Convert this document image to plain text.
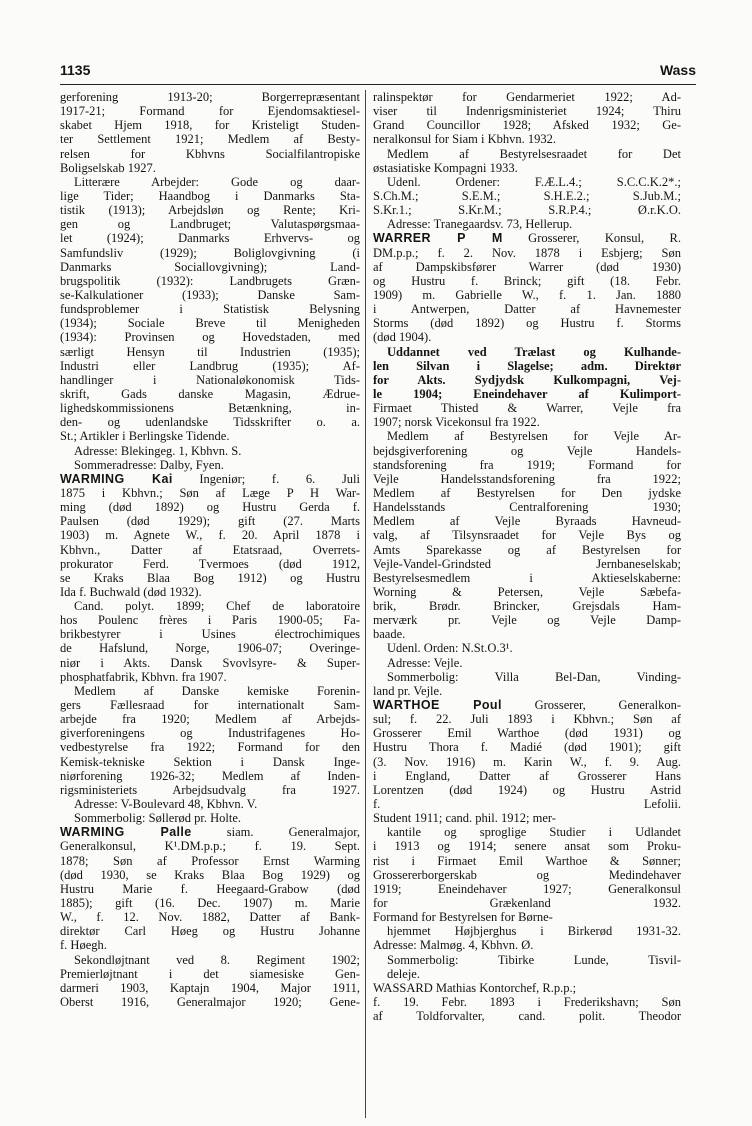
1135	Wass
gerforening 1913-20; Borgerrepræsentant
1917-21; Formand for Ejendomsaktiesel-
skabet Hjem 1918, for Kristeligt Studen-
ter Settlement 1921; Medlem af Besty-
relsen for Kbhvns Socialfilantropiske
Boligselskab 1927.
Litterære Arbejder: Gode og daar-
lige Tider; Haandbog i Danmarks Sta-
tistik (1913); Arbejdsløn og Rente; Kri-
gen og Landbruget; Valutaspørgsmaa-
let (1924); Danmarks Erhvervs- og
Samfundsliv (1929); Boliglovgivning (i
Danmarks Sociallovgivning); Land-
brugspolitik (1932): Landbrugets Græn-
se-Kalkulationer (1933); Danske Sam-
fundsproblemer i Statistisk Belysning
(1934); Sociale Breve til Menigheden
(1934): Provinsen og Hovedstaden, med
særligt Hensyn til Industrien (1935);
Industri eller Landbrug (1935); Af-
handlinger i Nationaløkonomisk Tids-
skrift, Gads danske Magasin, Ædrue-
lighedskommissionens Betænkning, in-
den- og udenlandske Tidsskrifter o. a.
St.; Artikler i Berlingske Tidende.
Adresse: Blekingeg. 1, Kbhvn. S.
Sommeradresse: Dalby, Fyen.
WARMING Kai Ingeniør; f. 6. Juli
1875 i Kbhvn.; Søn af Læge P H War-
ming (død 1892) og Hustru Gerda f.
Paulsen (død 1929); gift (27. Marts
1903) m. Agnete W., f. 20. April 1878 i
Kbhvn., Datter af Etatsraad, Overrets-
prokurator Ferd. Tvermoes (død 1912,
se Kraks Blaa Bog 1912) og Hustru
Ida f. Buchwald (død 1932).
Cand. polyt. 1899; Chef de laboratoire
hos Poulenc frères i Paris 1900-05; Fa-
brikbestyrer i Usines électrochimiques
de Hafslund, Norge, 1906-07; Overinge-
niør i Akts. Dansk Svovlsyre- & Super-
phosphatfabrik, Kbhvn. fra 1907.
Medlem af Danske kemiske Forenin-
gers Fællesraad for internationalt Sam-
arbejde fra 1920; Medlem af Arbejds-
giverforeningens og Industrifagenes Ho-
vedbestyrelse fra 1922; Formand for den
Kemisk-tekniske Sektion i Dansk Inge-
niørforening 1926-32; Medlem af Inden-
rigsministeriets Arbejdsudvalg fra 1927.
Adresse: V-Boulevard 48, Kbhvn. V.
Sommerbolig: Søllerød pr. Holte.
WARMING Palle siam. Generalmajor,
Generalkonsul, K¹.DM.p.p.; f. 19. Sept.
1878; Søn af Professor Ernst Warming
(død 1930, se Kraks Blaa Bog 1929) og
Hustru Marie f. Heegaard-Grabow (død
1885); gift (16. Dec. 1907) m. Marie
W., f. 12. Nov. 1882, Datter af Bank-
direktør Carl Høeg og Hustru Johanne
f. Høegh.
Sekondløjtnant ved 8. Regiment 1902;
Premierløjtnant i det siamesiske Gen-
darmeri 1903, Kaptajn 1904, Major 1911,
Oberst 1916, Generalmajor 1920; Gene-
ralinspektør for Gendarmeriet 1922; Ad-
viser til Indenrigsministeriet 1924; Thiru
Grand Councillor 1928; Afsked 1932; Ge-
neralkonsul for Siam i Kbhvn. 1932.
Medlem af Bestyrelsesraadet for Det
østasiatiske Kompagni 1933.
Udenl. Ordener: F.Æ.L.4.; S.C.C.K.2*.;
S.Ch.M.; S.E.M.; S.H.E.2.; S.Jub.M.;
S.Kr.1.; S.Kr.M.; S.R.P.4.; Ø.r.K.O.
Adresse: Tranegaardsv. 73, Hellerup.
WARRER P M Grosserer, Konsul, R.
DM.p.p.; f. 2. Nov. 1878 i Esbjerg; Søn
af Dampskibsfører Warrer (død 1930)
og Hustru f. Brinck; gift (18. Febr.
1909) m. Gabrielle W., f. 1. Jan. 1880
i Antwerpen, Datter af Havnemester
Storms (død 1892) og Hustru f. Storms
(død 1904).
Uddannet ved Trælast og Kulhande-
len Silvan i Slagelse; adm. Direktør
for Akts. Sydjydsk Kulkompagni, Vej-
le 1904; Eneindehaver af Kulimport-
Firmaet Thisted & Warrer, Vejle fra
1907; norsk Vicekonsul fra 1922.
Medlem af Bestyrelsen for Vejle Ar-
bejdsgiverforening og Vejle Handels-
standsforening fra 1919; Formand for
Vejle Handelsstandsforening fra 1922;
Medlem af Bestyrelsen for Den jydske
Handelsstands Centralforening 1930;
Medlem af Vejle Byraads Havneud-
valg, af Tilsynsraadet for Vejle Bys og
Amts Sparekasse og af Bestyrelsen for
Vejle-Vandel-Grindsted Jernbaneselskab;
Bestyrelsesmedlem i Aktieselskaberne:
Worning & Petersen, Vejle Sæbefa-
brik, Brødr. Brincker, Grejsdals Ham-
merværk pr. Vejle og Vejle Damp-
baade.
Udenl. Orden: N.St.O.3¹.
Adresse: Vejle.
Sommerbolig: Villa Bel-Dan, Vinding-
land pr. Vejle.
WARTHOE Poul Grosserer, Generalkon-
sul; f. 22. Juli 1893 i Kbhvn.; Søn af
Grosserer Emil Warthoe (død 1931) og
Hustru Thora f. Madié (død 1901); gift
(3. Nov. 1916) m. Karin W., f. 9. Aug.
i England, Datter af Grosserer Hans
Lorentzen (død 1924) og Hustru Astrid
f. Lefolii.
Student 1911; cand. phil. 1912; mer-
kantile og sproglige Studier i Udlandet
i 1913 og 1914; senere ansat som Proku-
rist i Firmaet Emil Warthoe & Sønner;
Grossererborgerskab og Medindehaver
1919; Eneindehaver 1927; Generalkonsul
for Grækenland 1932.
Formand for Bestyrelsen for Børne-
hjemmet Højbjerghus i Birkerød 1931-32.
Adresse: Malmøg. 4, Kbhvn. Ø.
Sommerbolig: Tibirke Lunde, Tisvil-
deleje.
WASSARD Mathias Kontorchef, R.p.p.;
f. 19. Febr. 1893 i Frederikshavn; Søn
af Toldforvalter, cand. polit. Theodor
